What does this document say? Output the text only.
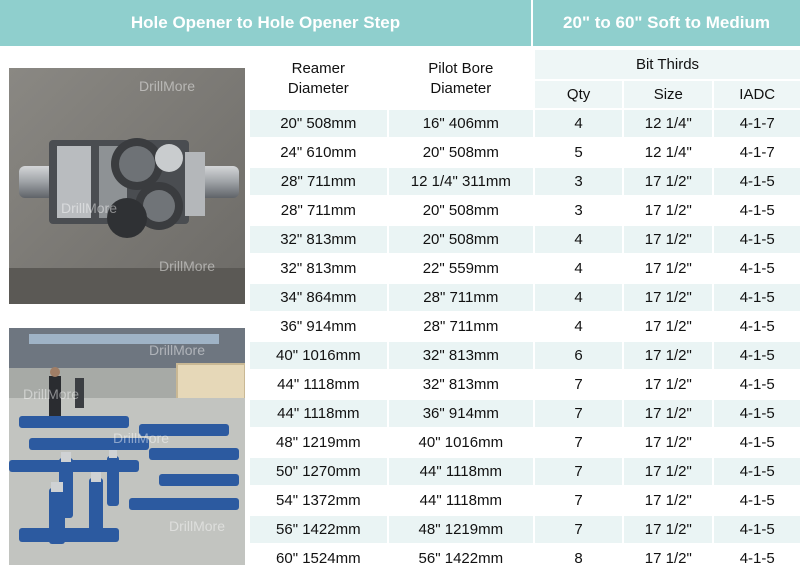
Hole Opener to Hole Opener Step	20" to 60" Soft to Medium
DrillMore
DrillMore
DrillMore
DrillMore
DrillMore
DrillMore
DrillMore
Reamer Diameter	Pilot Bore Diameter	Bit Thirds		
		Qty	Size	IADC
20" 508mm	16" 406mm	4	12 1/4"	4-1-7
24" 610mm	20" 508mm	5	12 1/4"	4-1-7
28" 711mm	12 1/4" 311mm	3	17 1/2"	4-1-5
28" 711mm	20" 508mm	3	17 1/2"	4-1-5
32" 813mm	20" 508mm	4	17 1/2"	4-1-5
32" 813mm	22" 559mm	4	17 1/2"	4-1-5
34" 864mm	28" 711mm	4	17 1/2"	4-1-5
36" 914mm	28" 711mm	4	17 1/2"	4-1-5
40" 1016mm	32" 813mm	6	17 1/2"	4-1-5
44" 1118mm	32" 813mm	7	17 1/2"	4-1-5
44" 1118mm	36" 914mm	7	17 1/2"	4-1-5
48" 1219mm	40" 1016mm	7	17 1/2"	4-1-5
50" 1270mm	44" 1118mm	7	17 1/2"	4-1-5
54" 1372mm	44" 1118mm	7	17 1/2"	4-1-5
56" 1422mm	48" 1219mm	7	17 1/2"	4-1-5
60" 1524mm	56" 1422mm	8	17 1/2"	4-1-5
